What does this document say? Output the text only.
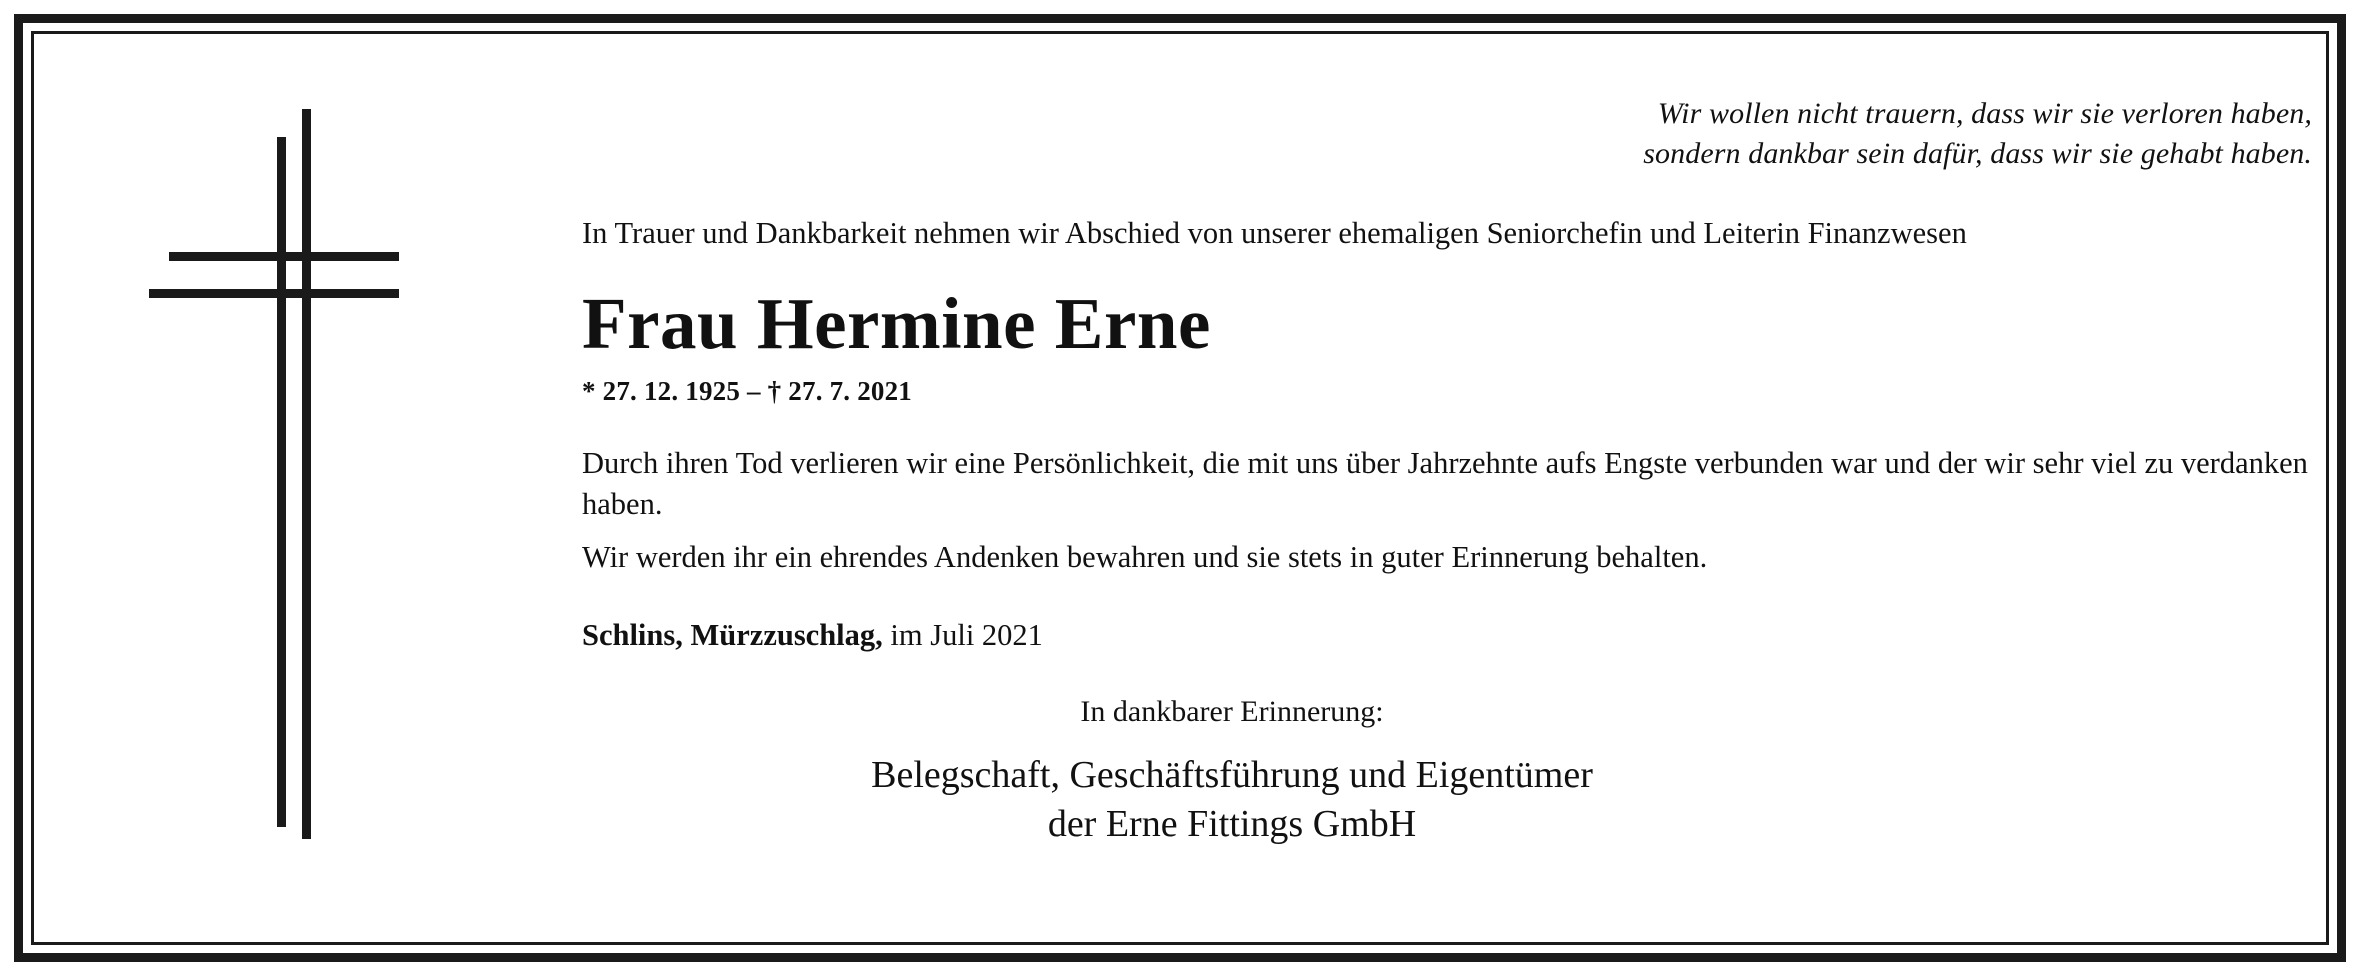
Wir wollen nicht trauern, dass wir sie verloren haben,
sondern dankbar sein dafür, dass wir sie gehabt haben.
In Trauer und Dankbarkeit nehmen wir Abschied von unserer ehemaligen Seniorchefin und Leiterin Finanzwesen
Frau Hermine Erne
* 27. 12. 1925 – † 27. 7. 2021
Durch ihren Tod verlieren wir eine Persönlichkeit, die mit uns über Jahrzehnte aufs Engste verbunden war und der wir sehr viel zu verdanken haben.
Wir werden ihr ein ehrendes Andenken bewahren und sie stets in guter Erinnerung behalten.
Schlins, Mürzzuschlag, im Juli 2021
In dankbarer Erinnerung:
Belegschaft, Geschäftsführung und Eigentümer
der Erne Fittings GmbH
